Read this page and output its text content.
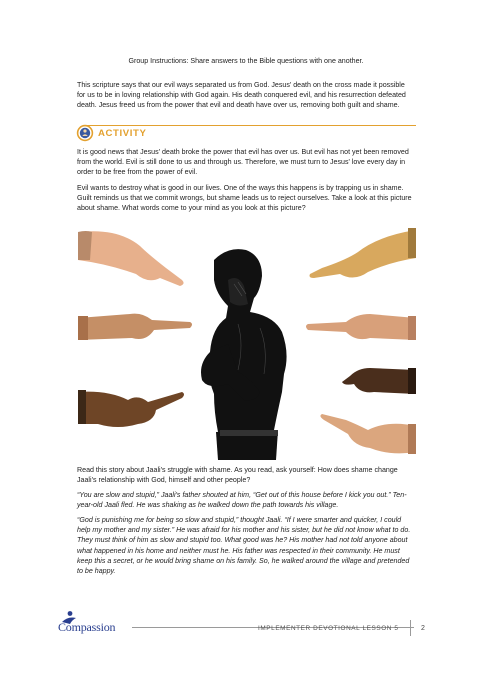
Group Instructions: Share answers to the Bible questions with one another.

This scripture says that our evil ways separated us from God. Jesus' death on the cross made it possible for us to be in loving relationship with God again. His death conquered evil, and his resurrection defeated death. Jesus freed us from the power that evil and death have over us, removing both guilt and shame.

ACTIVITY

It is good news that Jesus' death broke the power that evil has over us. But evil has not yet been removed from the world. Evil is still done to us and through us. Therefore, we must turn to Jesus' love every day in order to be free from the power of evil.

Evil wants to destroy what is good in our lives. One of the ways this happens is by trapping us in shame. Guilt reminds us that we commit wrongs, but shame leads us to reject ourselves. Take a look at this picture about shame. What words come to your mind as you look at this picture?

Read this story about Jaali's struggle with shame. As you read, ask yourself: How does shame change Jaali's relationship with God, himself and other people?

“You are slow and stupid,” Jaali's father shouted at him, “Get out of this house before I kick you out.” Ten-year-old Jaali fled. He was shaking as he walked down the path towards his village.

“God is punishing me for being so slow and stupid,” thought Jaali. “If I were smarter and quicker, I could help my mother and my sister.” He was afraid for his mother and his sister, but he did not know what to do. They must think of him as slow and stupid too. What good was he? His mother had not told anyone about what happened in his home and neither must he. His father was respected in their community. He must keep this a secret, or he would bring shame on his family. So, he walked around the village and pretended to be happy.

Compassion	IMPLEMENTER DEVOTIONAL LESSON 5	2
